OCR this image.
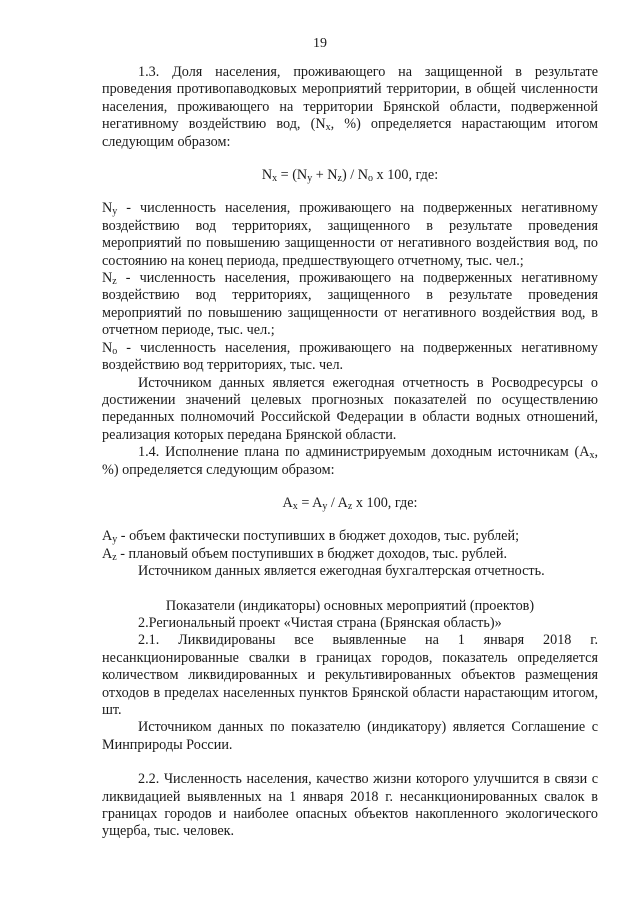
19

1.3. Доля населения, проживающего на защищенной в результате проведения противопаводковых мероприятий территории, в общей численности населения, проживающего на территории Брянской области, подверженной негативному воздействию вод, ($N_х$, %) определяется нарастающим итогом следующим образом:

$N_x = (N_y + N_z) / N_o$ x 100, где:

$N_y$ - численность населения, проживающего на подверженных негативному воздействию вод территориях, защищенного в результате проведения мероприятий по повышению защищенности от негативного воздействия вод, по состоянию на конец периода, предшествующего отчетному, тыс. чел.;

$N_z$ - численность населения, проживающего на подверженных негативному воздействию вод территориях, защищенного в результате проведения мероприятий по повышению защищенности от негативного воздействия вод, в отчетном периоде, тыс. чел.;

$N_o$ - численность населения, проживающего на подверженных негативному воздействию вод территориях, тыс. чел.

Источником данных является ежегодная отчетность в Росводресурсы о достижении значений целевых прогнозных показателей по осуществлению переданных полномочий Российской Федерации в области водных отношений, реализация которых передана Брянской области.

1.4. Исполнение плана по администрируемым доходным источникам ($A_x$, %) определяется следующим образом:

$A_x = A_y / A_z$ x 100, где:

$A_y$ - объем фактически поступивших в бюджет доходов, тыс. рублей;

$A_z$ - плановый объем поступивших в бюджет доходов, тыс. рублей.

Источником данных является ежегодная бухгалтерская отчетность.

Показатели (индикаторы) основных мероприятий (проектов)

2.Региональный проект «Чистая страна (Брянская область)»

2.1. Ликвидированы все выявленные на 1 января 2018 г. несанкционированные свалки в границах городов, показатель определяется количеством ликвидированных и рекультивированных объектов размещения отходов в пределах населенных пунктов Брянской области нарастающим итогом, шт.

Источником данных по показателю (индикатору) является Соглашение с Минприроды России.

2.2. Численность населения, качество жизни которого улучшится в связи с ликвидацией выявленных на 1 января 2018 г. несанкционированных свалок в границах городов и наиболее опасных объектов накопленного экологического ущерба, тыс. человек.
